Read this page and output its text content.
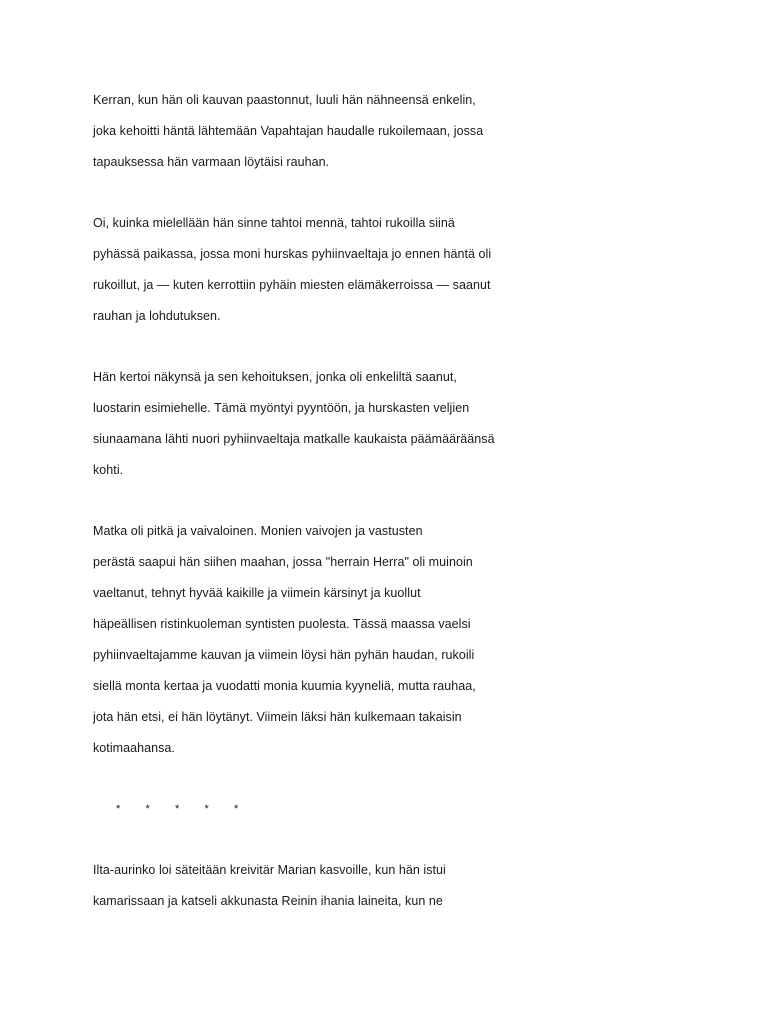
Kerran, kun hän oli kauvan paastonnut, luuli hän nähneensä enkelin,
joka kehoitti häntä lähtemään Vapahtajan haudalle rukoilemaan, jossa
tapauksessa hän varmaan löytäisi rauhan.
Oi, kuinka mielellään hän sinne tahtoi mennä, tahtoi rukoilla siinä
pyhässä paikassa, jossa moni hurskas pyhiinvaeltaja jo ennen häntä oli
rukoillut, ja — kuten kerrottiin pyhäin miesten elämäkerroissa — saanut
rauhan ja lohdutuksen.
Hän kertoi näkynsä ja sen kehoituksen, jonka oli enkeliltä saanut,
luostarin esimiehelle. Tämä myöntyi pyyntöön, ja hurskasten veljien
siunaamana lähti nuori pyhiinvaeltaja matkalle kaukaista päämääräänsä
kohti.
Matka oli pitkä ja vaivaloinen. Monien vaivojen ja vastusten
perästä saapui hän siihen maahan, jossa "herrain Herra" oli muinoin
vaeltanut, tehnyt hyvää kaikille ja viimein kärsinyt ja kuollut
häpeällisen ristinkuoleman syntisten puolesta. Tässä maassa vaelsi
pyhiinvaeltajamme kauvan ja viimein löysi hän pyhän haudan, rukoili
siellä monta kertaa ja vuodatti monia kuumia kyyneliä, mutta rauhaa,
jota hän etsi, ei hän löytänyt. Viimein läksi hän kulkemaan takaisin
kotimaahansa.
* * * * *
Ilta-aurinko loi säteitään kreivitär Marian kasvoille, kun hän istui
kamarissaan ja katseli akkunasta Reinin ihania laineita, kun ne
